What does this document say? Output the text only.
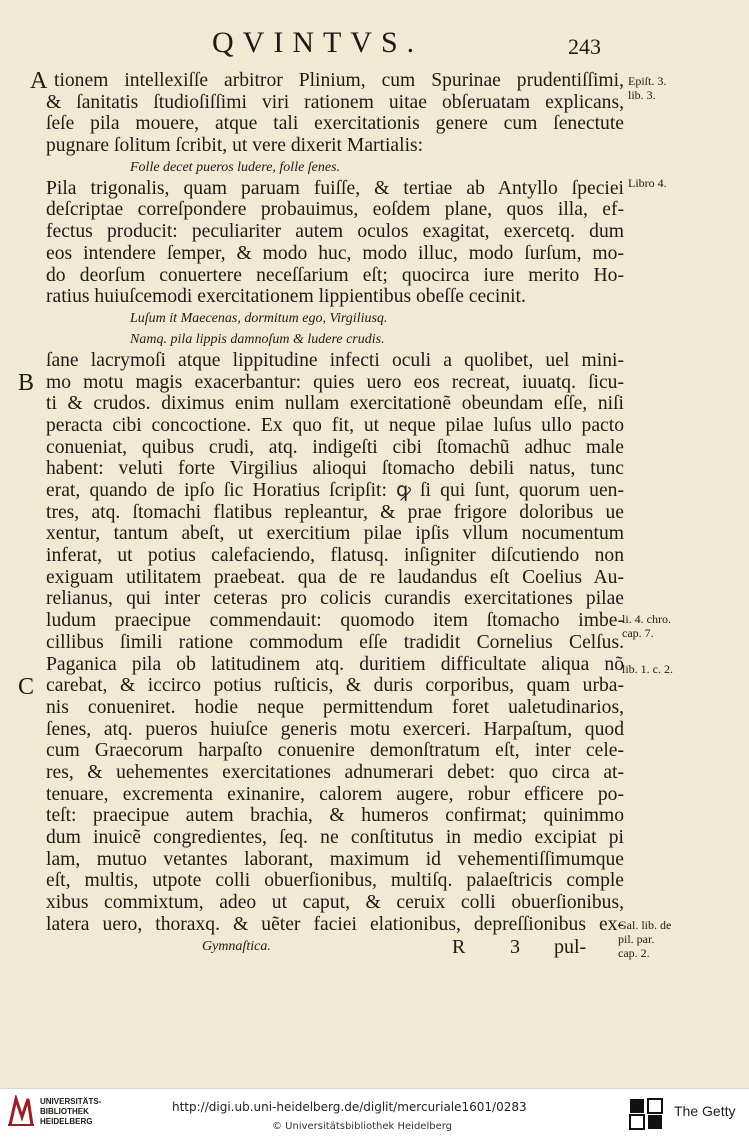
QVINTVS.	243
A
B
C
tionem intellexiſſe arbitror Plinium, cum Spurinae prudentiſſimi,
& ſanitatis ſtudioſiſſimi viri rationem uitae obſeruatam explicans,
ſeſe pila mouere, atque tali exercitationis genere cum ſenectute
pugnare ſolitum ſcribit, ut vere dixerit Martialis:
Folle decet pueros ludere, folle ſenes.
Pila trigonalis, quam paruam fuiſſe, & tertiae ab Antyllo ſpeciei
deſcriptae correſpondere probauimus, eoſdem plane, quos illa, ef-
fectus producit: peculiariter autem oculos exagitat, exercetq. dum
eos intendere ſemper, & modo huc, modo illuc, modo ſurſum, mo-
do deorſum conuertere neceſſarium eſt; quocirca iure merito Ho-
ratius huiuſcemodi exercitationem lippientibus obeſſe cecinit.
Luſum it Maecenas, dormitum ego, Virgiliusq.
Namq. pila lippis damnoſum & ludere crudis.
ſane lacrymoſi atque lippitudine infecti oculi a quolibet, uel mini-
mo motu magis exacerbantur: quies uero eos recreat, iuuatq. ſicu-
ti & crudos. diximus enim nullam exercitationẽ obeundam eſſe, niſi
peracta cibi concoctione. Ex quo fit, ut neque pilae luſus ullo pacto
conueniat, quibus crudi, atq. indigeſti cibi ſtomachũ adhuc male
habent: veluti forte Virgilius alioqui ſtomacho debili natus, tunc
erat, quando de ipſo ſic Horatius ſcripſit: ꝙ ſi qui ſunt, quorum uen-
tres, atq. ſtomachi flatibus repleantur, & prae frigore doloribus ue
xentur, tantum abeſt, ut exercitium pilae ipſis vllum nocumentum
inferat, ut potius calefaciendo, flatusq. inſigniter diſcutiendo non
exiguam utilitatem praebeat. qua de re laudandus eſt Coelius Au-
relianus, qui inter ceteras pro colicis curandis exercitationes pilae
ludum praecipue commendauit: quomodo item ſtomacho imbe-
cillibus ſimili ratione commodum eſſe tradidit Cornelius Celſus.
Paganica pila ob latitudinem atq. duritiem difficultate aliqua nõ
carebat, & iccirco potius ruſticis, & duris corporibus, quam urba-
nis conueniret. hodie neque permittendum foret ualetudinarios,
ſenes, atq. pueros huiuſce generis motu exerceri. Harpaſtum, quod
cum Graecorum harpaſto conuenire demonſtratum eſt, inter cele-
res, & uehementes exercitationes adnumerari debet: quo circa at-
tenuare, excrementa exinanire, calorem augere, robur efficere po-
teſt: praecipue autem brachia, & humeros confirmat; quinimmo
dum inuicẽ congredientes, ſeq. ne conſtitutus in medio excipiat pi
lam, mutuo vetantes laborant, maximum id vehementiſſimumque
eſt, multis, utpote colli obuerſionibus, multiſq. palaeſtricis comple
xibus commixtum, adeo ut caput, & ceruix colli obuerſionibus,
latera uero, thoraxq. & uẽter faciei elationibus, depreſſionibus ex-
Gymnaſtica.	R 3 pul-
Epiſt. 3.
lib. 3.
Libro 4.
li. 4. chro.
cap. 7.
lib. 1. c. 2.
Gal. lib. de
pil. par.
cap. 2.
UNIVERSITÄTS-
BIBLIOTHEK
HEIDELBERG
http://digi.ub.uni-heidelberg.de/diglit/mercuriale1601/0283
© Universitätsbibliothek Heidelberg
The Getty
